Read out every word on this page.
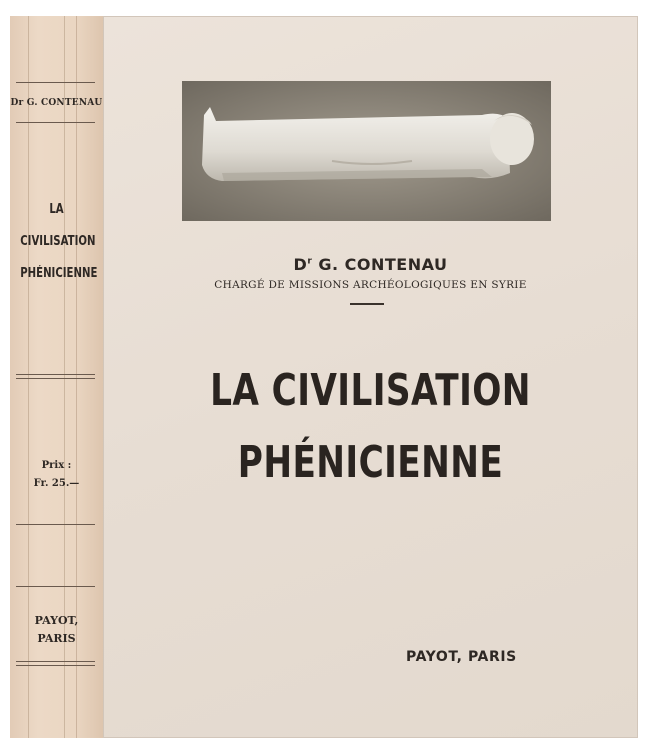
Dr G. CONTENAU
LA
CIVILISATION
PHÉNICIENNE
Prix :
Fr. 25.—
PAYOT,
PARIS
$D^r$ G. CONTENAU
CHARGÉ DE MISSIONS ARCHÉOLOGIQUES EN SYRIE
LA CIVILISATION
PHÉNICIENNE
PAYOT, PARIS
